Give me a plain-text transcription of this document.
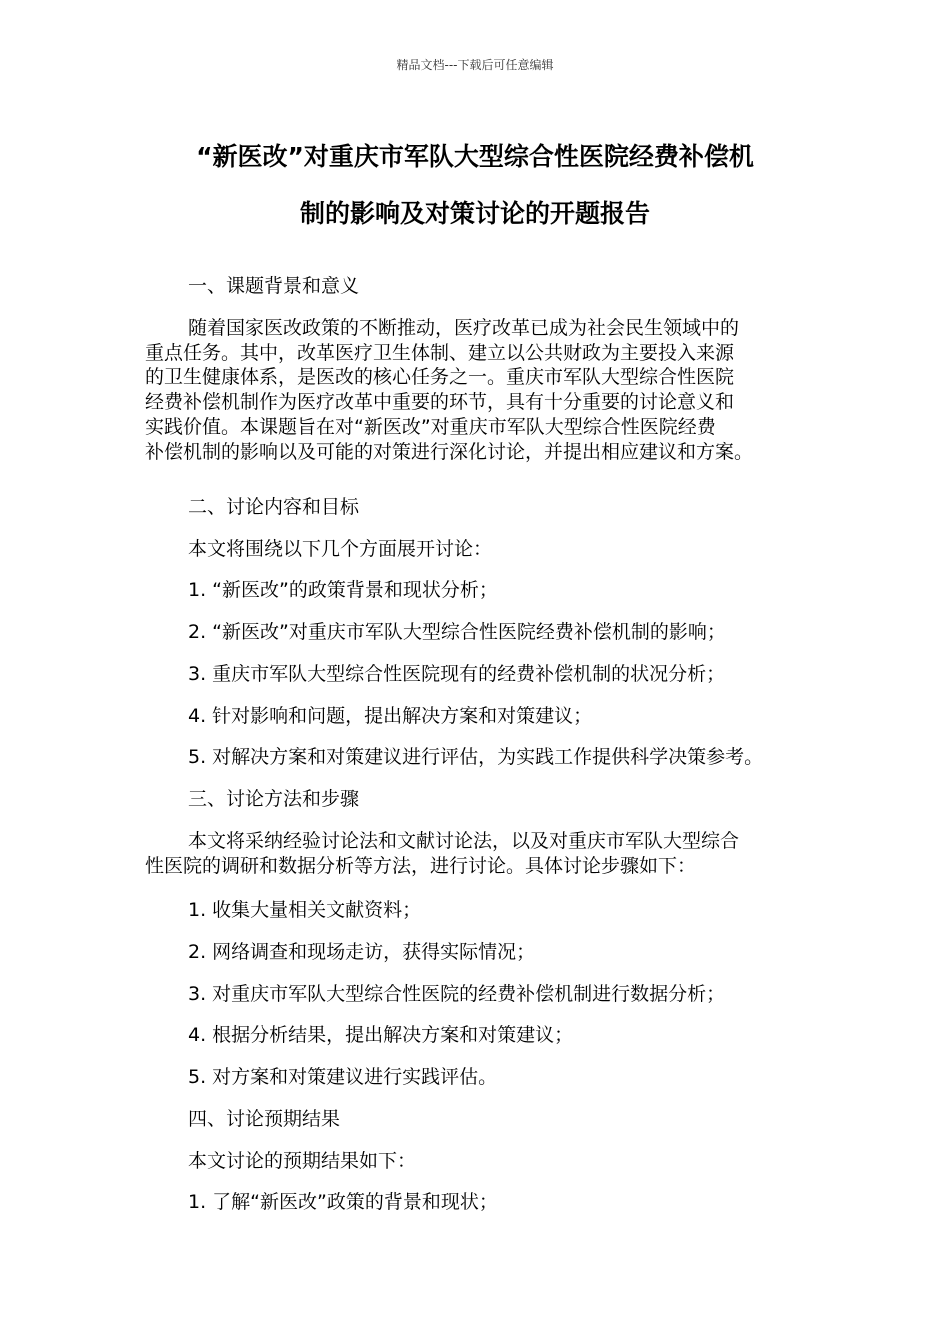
精品文档---下载后可任意编辑
“新医改”对重庆市军队大型综合性医院经费补偿机
制的影响及对策讨论的开题报告
一、课题背景和意义
随着国家医改政策的不断推动，医疗改革已成为社会民生领域中的
重点任务。其中，改革医疗卫生体制、建立以公共财政为主要投入来源
的卫生健康体系，是医改的核心任务之一。重庆市军队大型综合性医院
经费补偿机制作为医疗改革中重要的环节，具有十分重要的讨论意义和
实践价值。本课题旨在对“新医改”对重庆市军队大型综合性医院经费
补偿机制的影响以及可能的对策进行深化讨论，并提出相应建议和方案。
二、讨论内容和目标
本文将围绕以下几个方面展开讨论：
1. “新医改”的政策背景和现状分析；
2. “新医改”对重庆市军队大型综合性医院经费补偿机制的影响；
3. 重庆市军队大型综合性医院现有的经费补偿机制的状况分析；
4. 针对影响和问题，提出解决方案和对策建议；
5. 对解决方案和对策建议进行评估，为实践工作提供科学决策参考。
三、讨论方法和步骤
本文将采纳经验讨论法和文献讨论法，以及对重庆市军队大型综合
性医院的调研和数据分析等方法，进行讨论。具体讨论步骤如下：
1. 收集大量相关文献资料；
2. 网络调查和现场走访，获得实际情况；
3. 对重庆市军队大型综合性医院的经费补偿机制进行数据分析；
4. 根据分析结果，提出解决方案和对策建议；
5. 对方案和对策建议进行实践评估。
四、讨论预期结果
本文讨论的预期结果如下：
1. 了解“新医改”政策的背景和现状；
